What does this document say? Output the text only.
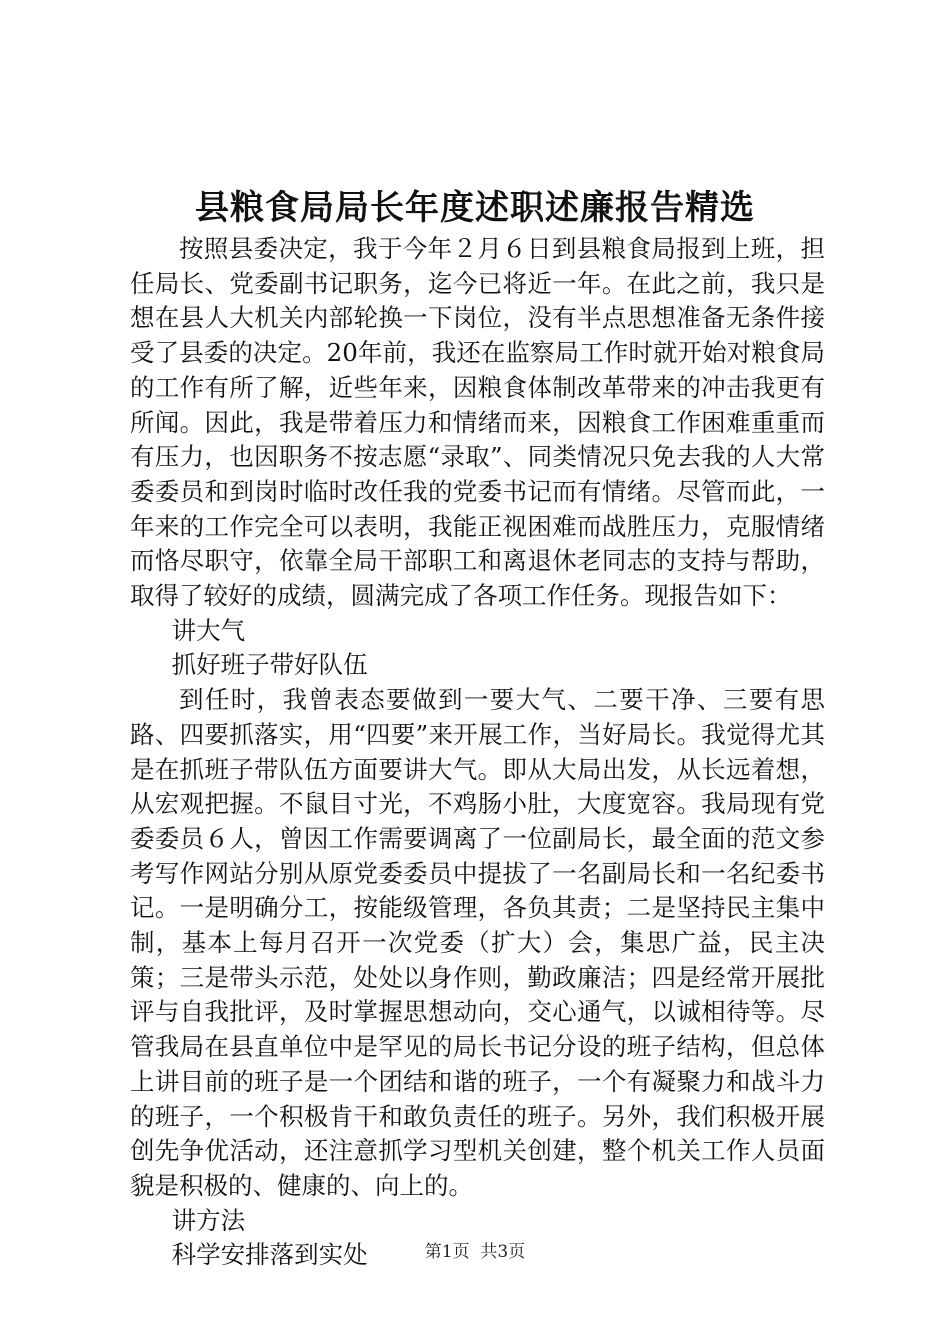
县粮食局局长年度述职述廉报告精选

按照县委决定，我于今年２月６日到县粮食局报到上班，担任局长、党委副书记职务，迄今已将近一年。在此之前，我只是想在县人大机关内部轮换一下岗位，没有半点思想准备无条件接受了县委的决定。20年前，我还在监察局工作时就开始对粮食局的工作有所了解，近些年来，因粮食体制改革带来的冲击我更有所闻。因此，我是带着压力和情绪而来，因粮食工作困难重重而有压力，也因职务不按志愿“录取”、同类情况只免去我的人大常委委员和到岗时临时改任我的党委书记而有情绪。尽管而此，一年来的工作完全可以表明，我能正视困难而战胜压力，克服情绪而恪尽职守，依靠全局干部职工和离退休老同志的支持与帮助，取得了较好的成绩，圆满完成了各项工作任务。现报告如下：

讲大气

抓好班子带好队伍

到任时，我曾表态要做到一要大气、二要干净、三要有思路、四要抓落实，用“四要”来开展工作，当好局长。我觉得尤其是在抓班子带队伍方面要讲大气。即从大局出发，从长远着想，从宏观把握。不鼠目寸光，不鸡肠小肚，大度宽容。我局现有党委委员６人，曾因工作需要调离了一位副局长，最全面的范文参考写作网站分别从原党委委员中提拔了一名副局长和一名纪委书记。一是明确分工，按能级管理，各负其责；二是坚持民主集中制，基本上每月召开一次党委（扩大）会，集思广益，民主决策；三是带头示范，处处以身作则，勤政廉洁；四是经常开展批评与自我批评，及时掌握思想动向，交心通气，以诚相待等。尽管我局在县直单位中是罕见的局长书记分设的班子结构，但总体上讲目前的班子是一个团结和谐的班子，一个有凝聚力和战斗力的班子，一个积极肯干和敢负责任的班子。另外，我们积极开展创先争优活动，还注意抓学习型机关创建，整个机关工作人员面貌是积极的、健康的、向上的。

讲方法

科学安排落到实处	第1页 共3页
